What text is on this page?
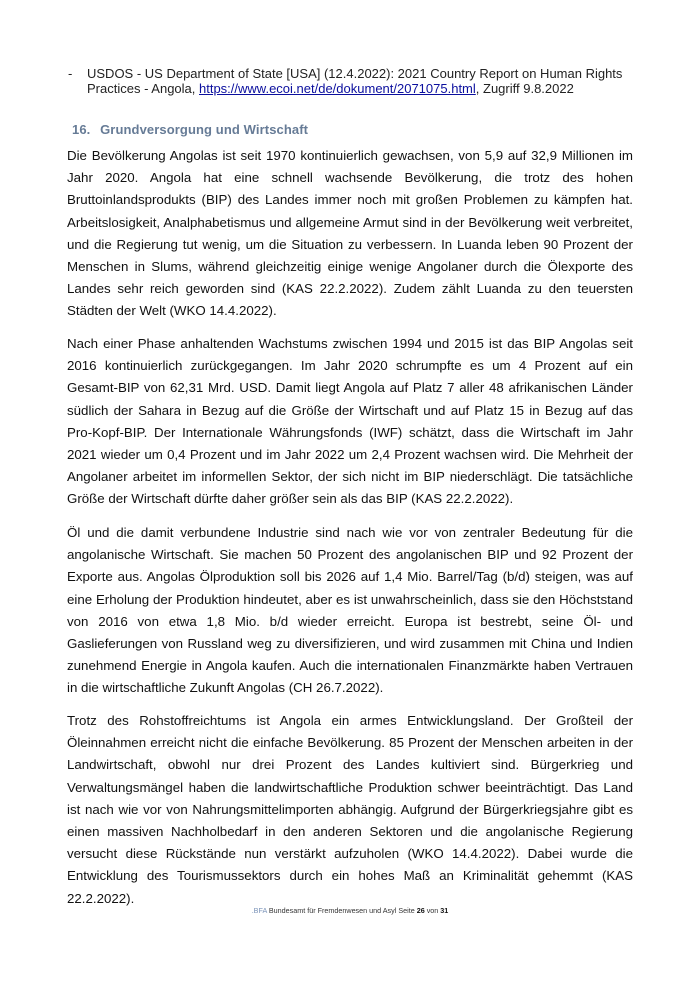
- USDOS - US Department of State [USA] (12.4.2022): 2021 Country Report on Human Rights Practices - Angola, https://www.ecoi.net/de/dokument/2071075.html, Zugriff 9.8.2022
16. Grundversorgung und Wirtschaft

Die Bevölkerung Angolas ist seit 1970 kontinuierlich gewachsen, von 5,9 auf 32,9 Millionen im Jahr 2020. Angola hat eine schnell wachsende Bevölkerung, die trotz des hohen Bruttoinlandsprodukts (BIP) des Landes immer noch mit großen Problemen zu kämpfen hat. Arbeitslosigkeit, Analphabetismus und allgemeine Armut sind in der Bevölkerung weit verbreitet, und die Regierung tut wenig, um die Situation zu verbessern. In Luanda leben 90 Prozent der Menschen in Slums, während gleichzeitig einige wenige Angolaner durch die Ölexporte des Landes sehr reich geworden sind (KAS 22.2.2022). Zudem zählt Luanda zu den teuersten Städten der Welt (WKO 14.4.2022).

Nach einer Phase anhaltenden Wachstums zwischen 1994 und 2015 ist das BIP Angolas seit 2016 kontinuierlich zurückgegangen. Im Jahr 2020 schrumpfte es um 4 Prozent auf ein Gesamt-BIP von 62,31 Mrd. USD. Damit liegt Angola auf Platz 7 aller 48 afrikanischen Länder südlich der Sahara in Bezug auf die Größe der Wirtschaft und auf Platz 15 in Bezug auf das Pro-Kopf-BIP. Der Internationale Währungsfonds (IWF) schätzt, dass die Wirtschaft im Jahr 2021 wieder um 0,4 Prozent und im Jahr 2022 um 2,4 Prozent wachsen wird. Die Mehrheit der Angolaner arbeitet im informellen Sektor, der sich nicht im BIP niederschlägt. Die tatsächliche Größe der Wirtschaft dürfte daher größer sein als das BIP (KAS 22.2.2022).

Öl und die damit verbundene Industrie sind nach wie vor von zentraler Bedeutung für die angolanische Wirtschaft. Sie machen 50 Prozent des angolanischen BIP und 92 Prozent der Exporte aus. Angolas Ölproduktion soll bis 2026 auf 1,4 Mio. Barrel/Tag (b/d) steigen, was auf eine Erholung der Produktion hindeutet, aber es ist unwahrscheinlich, dass sie den Höchststand von 2016 von etwa 1,8 Mio. b/d wieder erreicht. Europa ist bestrebt, seine Öl- und Gaslieferungen von Russland weg zu diversifizieren, und wird zusammen mit China und Indien zunehmend Energie in Angola kaufen. Auch die internationalen Finanzmärkte haben Vertrauen in die wirtschaftliche Zukunft Angolas (CH 26.7.2022).

Trotz des Rohstoffreichtums ist Angola ein armes Entwicklungsland. Der Großteil der Öleinnahmen erreicht nicht die einfache Bevölkerung. 85 Prozent der Menschen arbeiten in der Landwirtschaft, obwohl nur drei Prozent des Landes kultiviert sind. Bürgerkrieg und Verwaltungsmängel haben die landwirtschaftliche Produktion schwer beeinträchtigt. Das Land ist nach wie vor von Nahrungsmittelimporten abhängig. Aufgrund der Bürgerkriegsjahre gibt es einen massiven Nachholbedarf in den anderen Sektoren und die angolanische Regierung versucht diese Rückstände nun verstärkt aufzuholen (WKO 14.4.2022). Dabei wurde die Entwicklung des Tourismussektors durch ein hohes Maß an Kriminalität gehemmt (KAS 22.2.2022).

.BFA Bundesamt für Fremdenwesen und Asyl Seite 26 von 31
